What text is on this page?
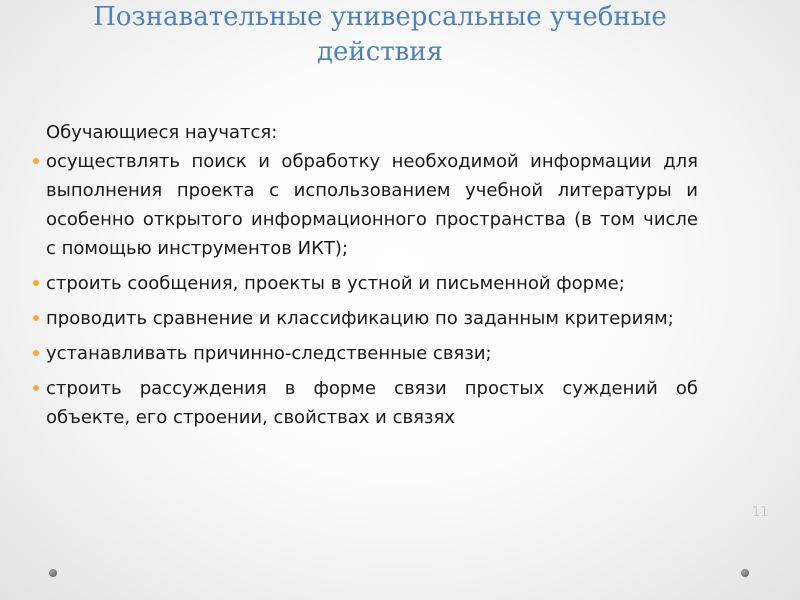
Познавательные универсальные учебные действия

Обучающиеся научатся:

осуществлять поиск и обработку необходимой информации для выполнения проекта с использованием учебной литературы и особенно открытого информационного пространства (в том числе с помощью инструментов ИКТ);
строить сообщения, проекты в устной и письменной форме;
проводить сравнение и классификацию по заданным критериям;
устанавливать причинно-следственные связи;
строить рассуждения в форме связи простых суждений об объекте, его строении, свойствах и связях
11
